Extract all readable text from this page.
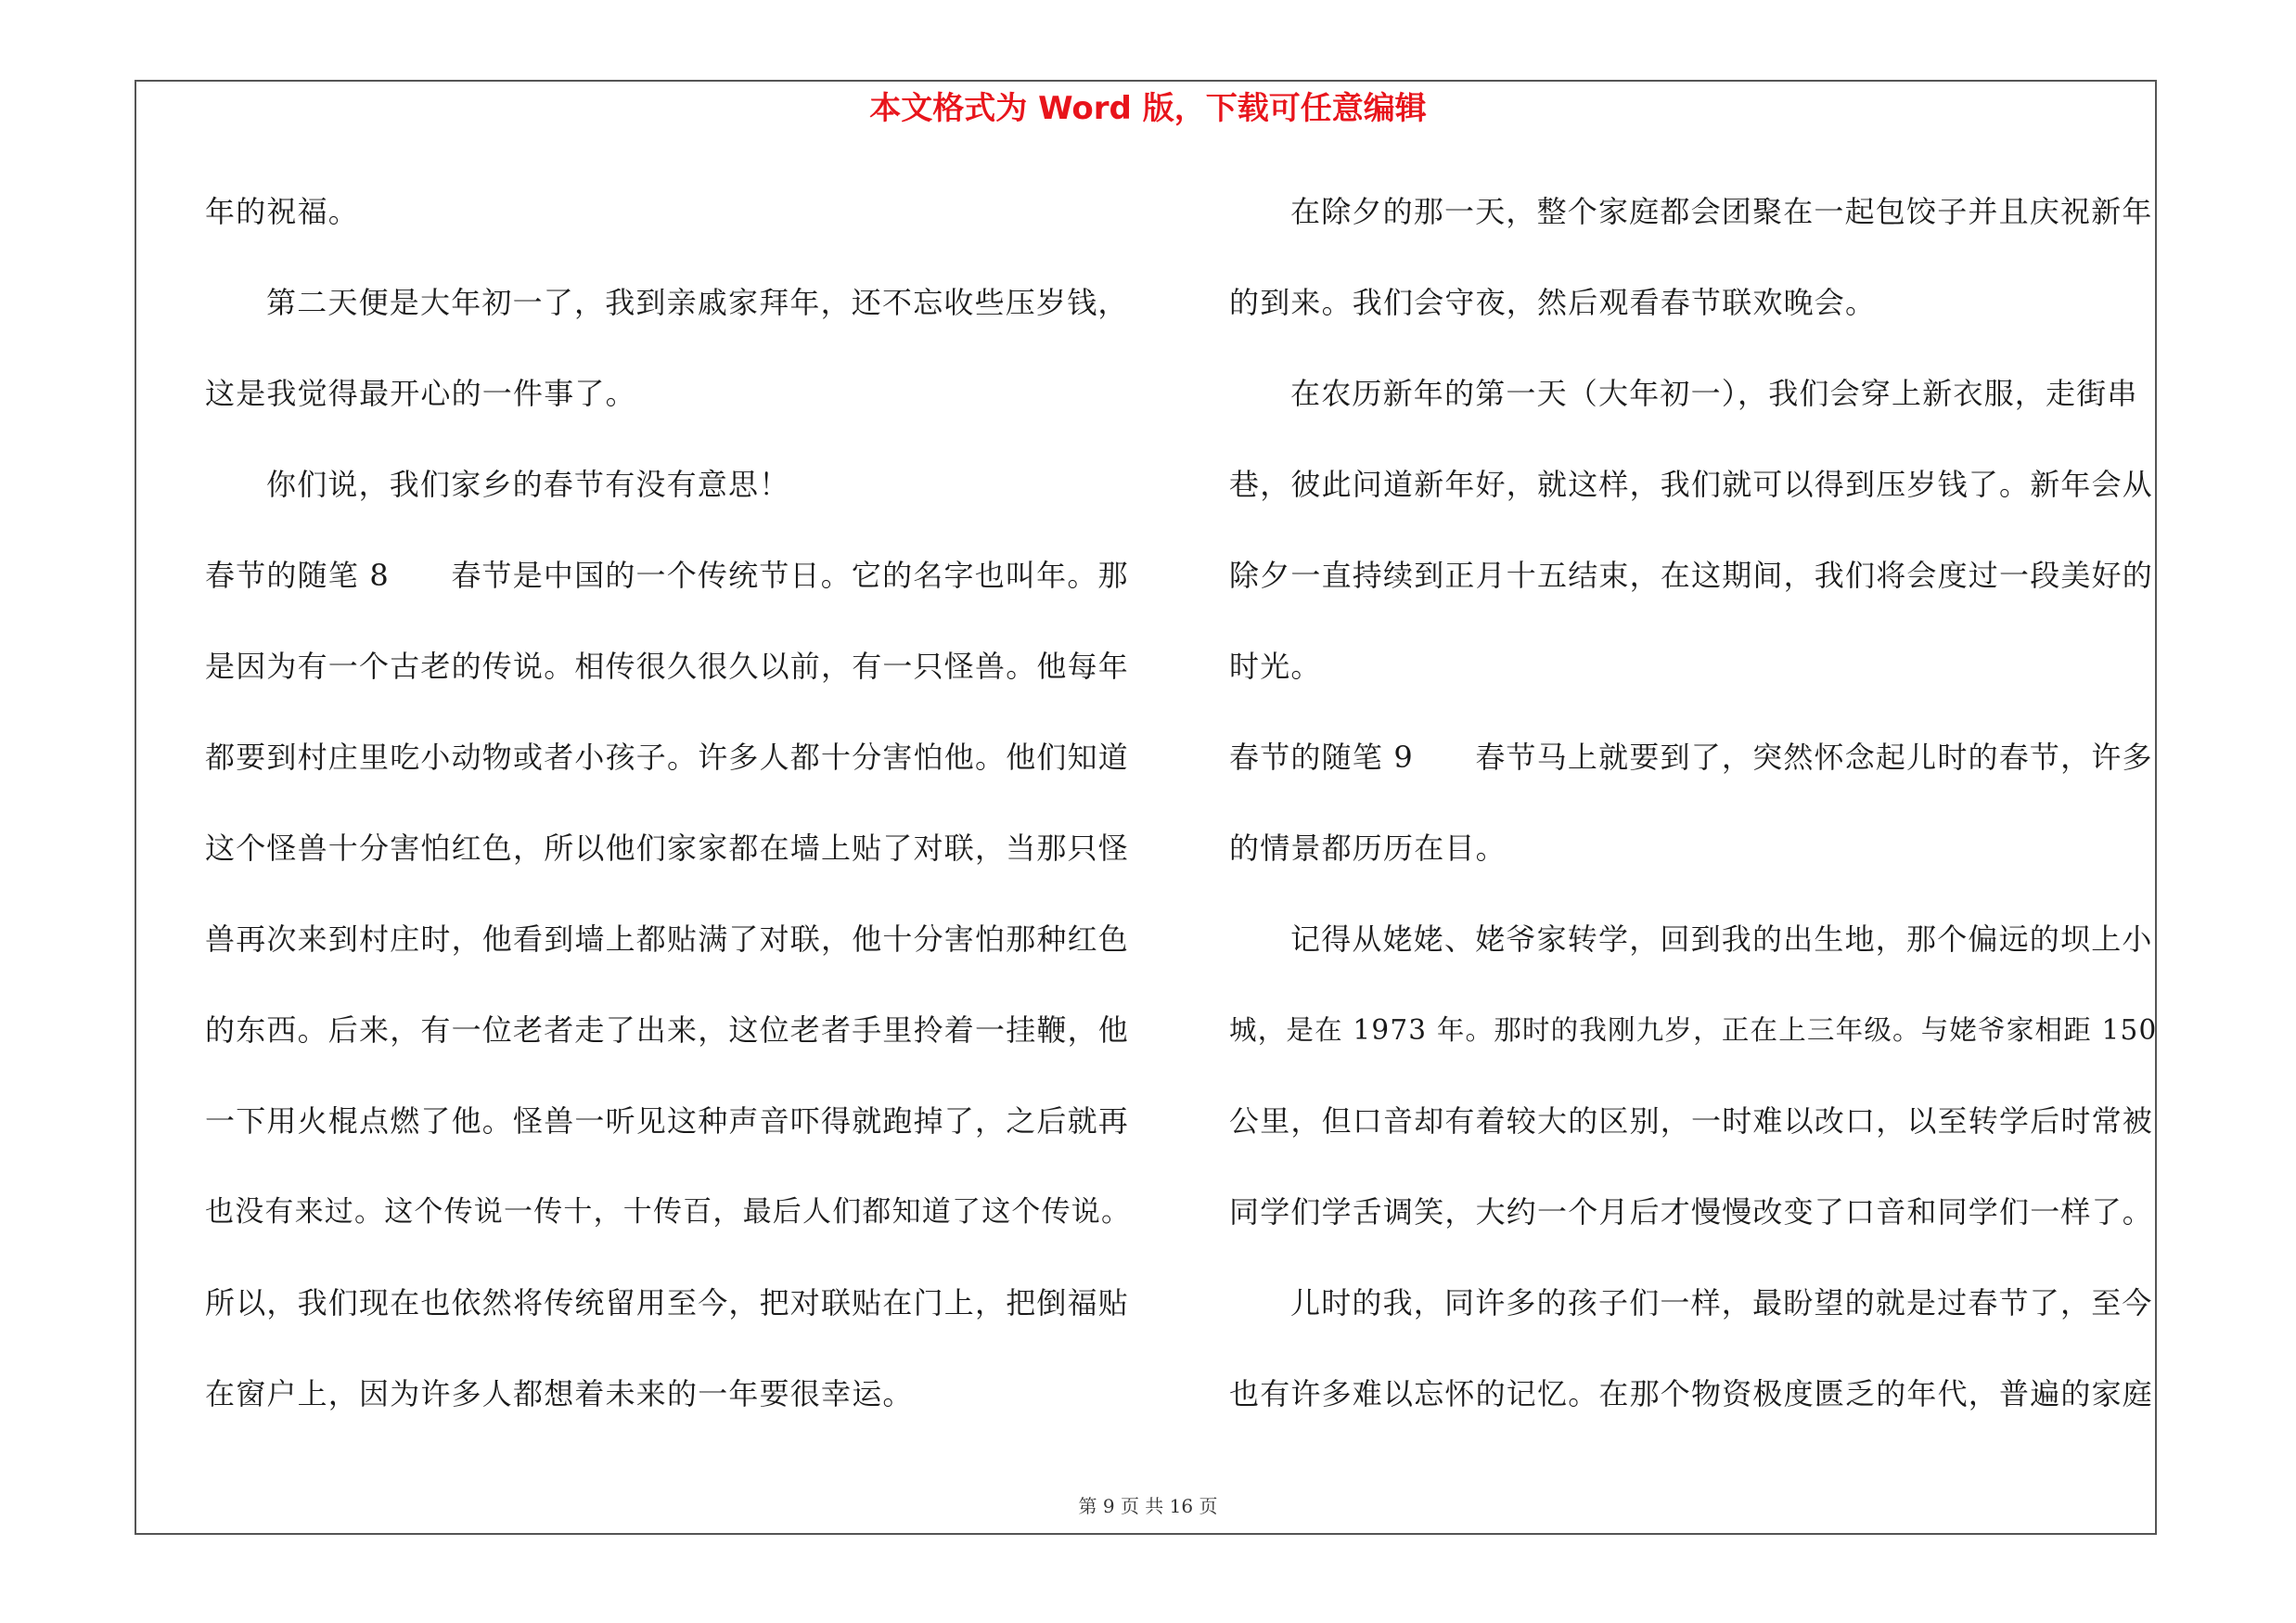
本文格式为 Word 版，下载可任意编辑
年的祝福。
第二天便是大年初一了，我到亲戚家拜年，还不忘收些压岁钱，
这是我觉得最开心的一件事了。
你们说，我们家乡的春节有没有意思！
春节的随笔 8　　春节是中国的一个传统节日。它的名字也叫年。那
是因为有一个古老的传说。相传很久很久以前，有一只怪兽。他每年
都要到村庄里吃小动物或者小孩子。许多人都十分害怕他。他们知道
这个怪兽十分害怕红色，所以他们家家都在墙上贴了对联，当那只怪
兽再次来到村庄时，他看到墙上都贴满了对联，他十分害怕那种红色
的东西。后来，有一位老者走了出来，这位老者手里拎着一挂鞭，他
一下用火棍点燃了他。怪兽一听见这种声音吓得就跑掉了，之后就再
也没有来过。这个传说一传十，十传百，最后人们都知道了这个传说。
所以，我们现在也依然将传统留用至今，把对联贴在门上，把倒福贴
在窗户上，因为许多人都想着未来的一年要很幸运。
在除夕的那一天，整个家庭都会团聚在一起包饺子并且庆祝新年
的到来。我们会守夜，然后观看春节联欢晚会。
在农历新年的第一天（大年初一），我们会穿上新衣服，走街串
巷，彼此问道新年好，就这样，我们就可以得到压岁钱了。新年会从
除夕一直持续到正月十五结束，在这期间，我们将会度过一段美好的
时光。
春节的随笔 9　　春节马上就要到了，突然怀念起儿时的春节，许多
的情景都历历在目。
记得从姥姥、姥爷家转学，回到我的出生地，那个偏远的坝上小
城，是在 1973 年。那时的我刚九岁，正在上三年级。与姥爷家相距 150
公里，但口音却有着较大的区别，一时难以改口，以至转学后时常被
同学们学舌调笑，大约一个月后才慢慢改变了口音和同学们一样了。
儿时的我，同许多的孩子们一样，最盼望的就是过春节了，至今
也有许多难以忘怀的记忆。在那个物资极度匮乏的年代，普遍的家庭
第 9 页 共 16 页
